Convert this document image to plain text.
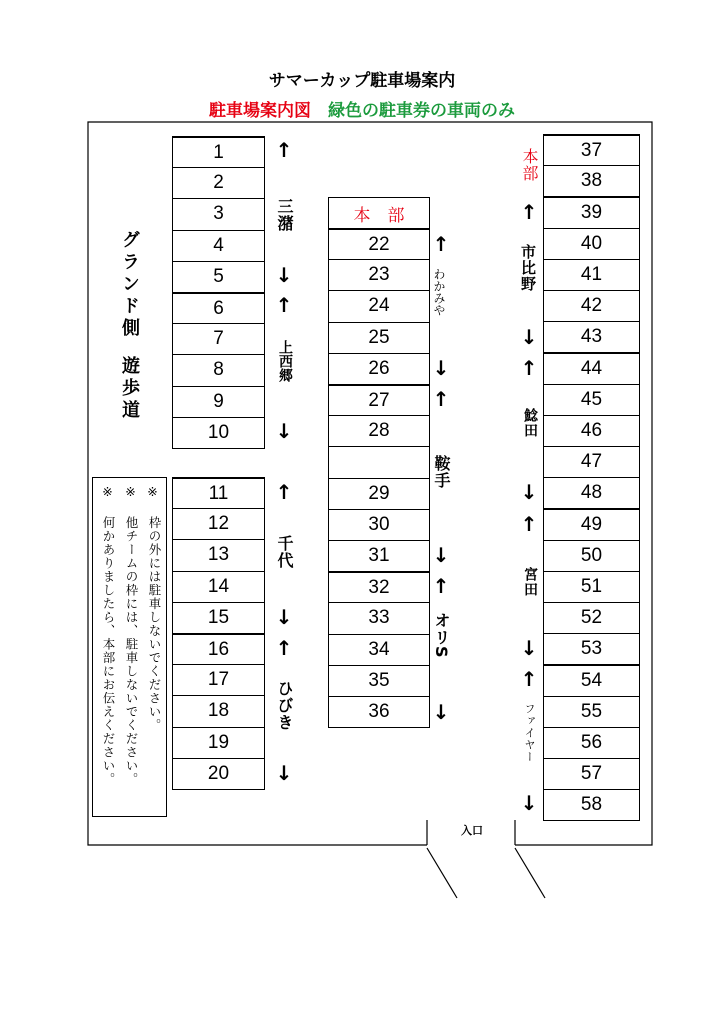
サマーカップ駐車場案内
駐車場案内図　 緑色の駐車券の車両のみ
入口
グランド側
遊歩道
※ ※ ※
枠の外には駐車しないでください。
他チームの枠には、駐車しないでください。
何かありましたら、本部にお伝えください。
1
2
3
4
5
6
7
8
9
10
11
12
13
14
15
16
17
18
19
20
三潴
上西郷
千代
ひびき
↑
↓
↑
↓
↑
↓
↑
↓
本　部
22
23
24
25
26
27
28
29
30
31
32
33
34
35
36
わかみや
鞍手
オリS
↑
↓
↑
↓
↑
↓
本部	37
38
39
40
41
42
43
44
45
46
47
48
49
50
51
52
53
54
55
56
57
58
市比野
鯰田
宮田
ファイヤー
↑
↓
↑
↓
↑
↓
↑
↓
